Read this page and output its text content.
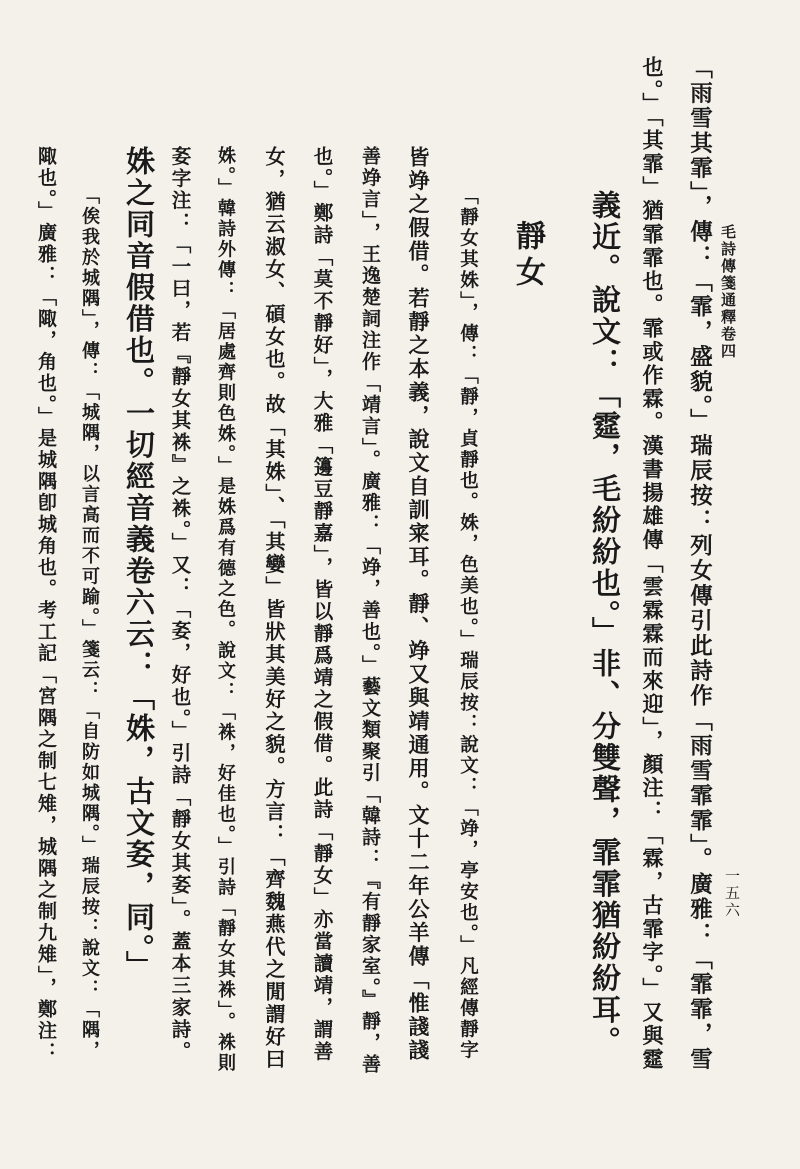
毛詩傳箋通釋卷四
一五六
「雨雪其霏」，傳：「霏，盛貌。」瑞辰按：列女傳引此詩作「雨雪霏霏」。廣雅：「霏霏，雪
也。」「其霏」猶霏霏也。霏或作霖。漢書揚雄傳「雲霖霖而來迎」，顏注：「霖，古霏字。」又與𩃀
義近。說文：「𩃀，毛紛紛也。」非、分雙聲，霏霏猶紛紛耳。
靜女
「靜女其姝」，傳：「靜，貞靜也。姝，色美也。」瑞辰按：說文：「竫，亭安也。」凡經傳靜字
皆竫之假借。若靜之本義，說文自訓宷耳。靜、竫又與靖通用。文十二年公羊傳「惟諓諓
善竫言」，王逸楚詞注作「靖言」。廣雅：「竫，善也。」藝文類聚引「韓詩：『有靜家室。』靜，善
也。」鄭詩「莫不靜好」，大雅「籩豆靜嘉」，皆以靜爲靖之假借。此詩「靜女」亦當讀靖，謂善
女，猶云淑女、碩女也。故「其姝」、「其孌」皆狀其美好之貌。方言：「齊魏燕代之閒謂好曰
姝。」韓詩外傳：「居處齊則色姝。」是姝爲有德之色。說文：「袾，好佳也。」引詩「靜女其袾」。袾則
㚣字注：「一曰，若『靜女其袾』之袾。」又：「㚣，好也。」引詩「靜女其㚣」。蓋本三家詩。
姝之同音假借也。一切經音義卷六云：「姝，古文㚣，同。」
「俟我於城隅」，傳：「城隅，以言高而不可踰。」箋云：「自防如城隅。」瑞辰按：說文：「隅，
陬也。」廣雅：「陬，角也。」是城隅卽城角也。考工記「宮隅之制七雉，城隅之制九雉」，鄭注：
